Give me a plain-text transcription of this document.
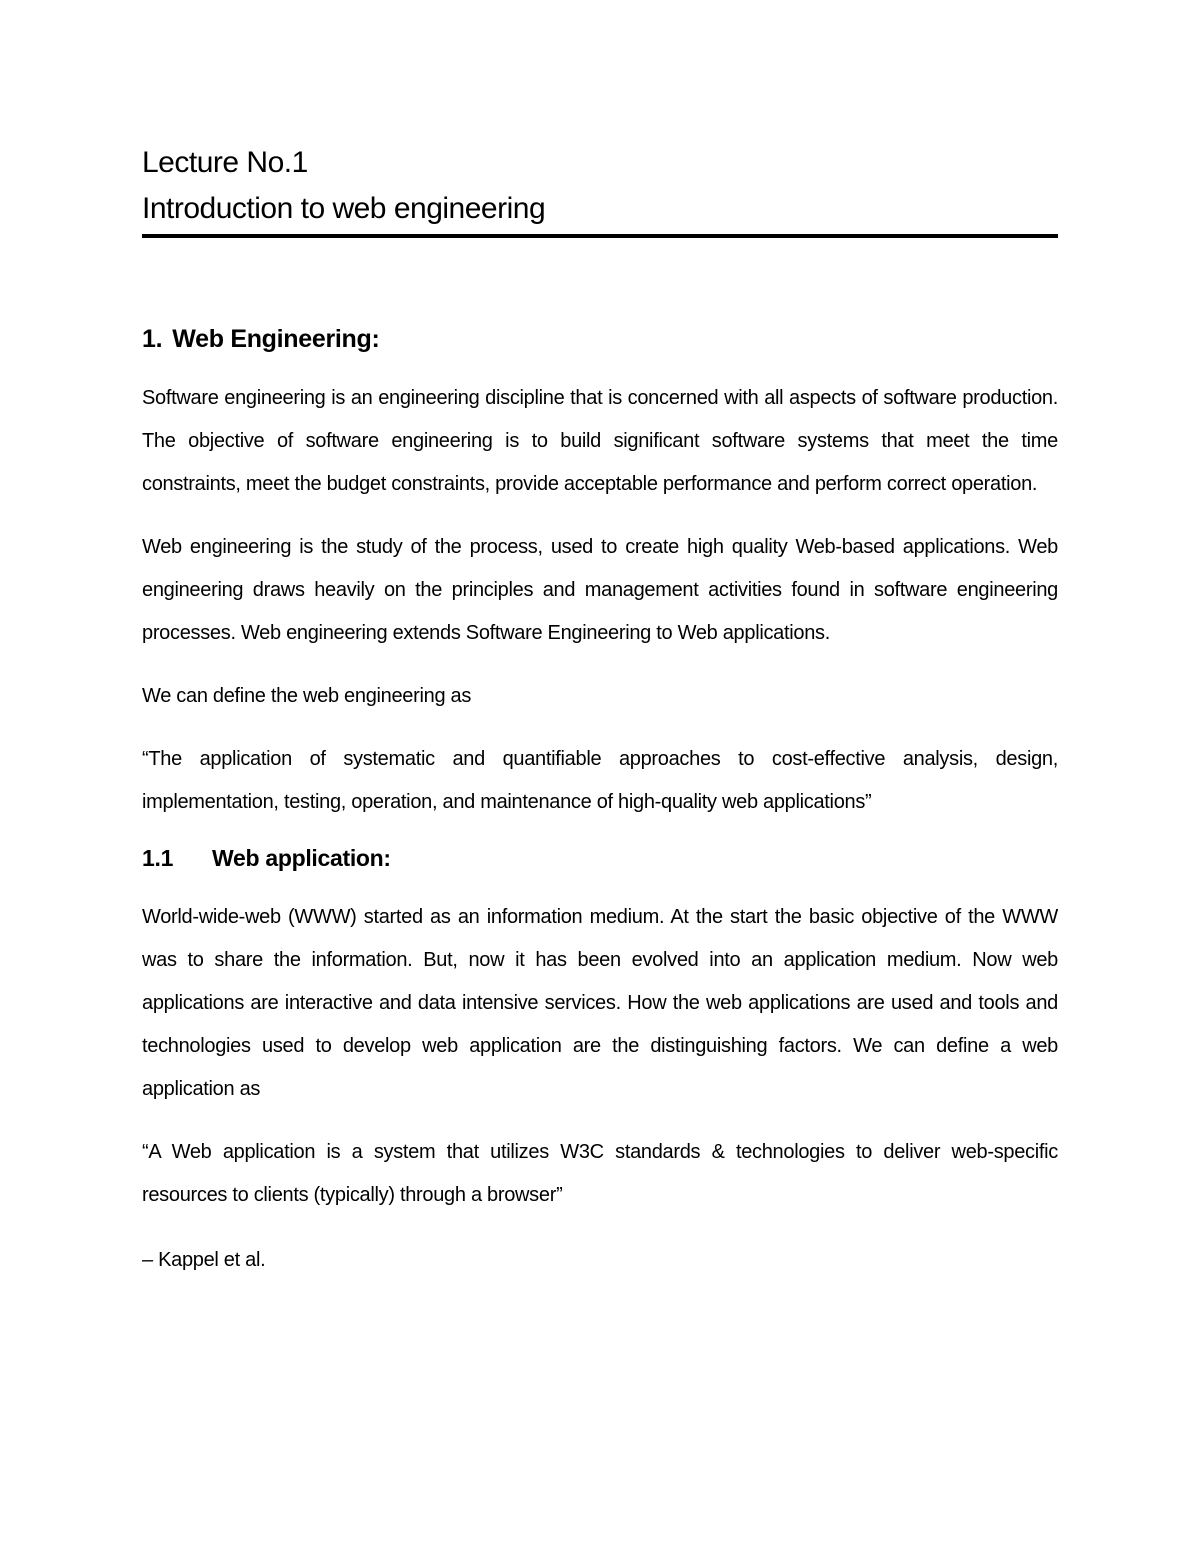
Lecture No.1
Introduction to web engineering
1. Web Engineering:

Software engineering is an engineering discipline that is concerned with all aspects of software production. The objective of software engineering is to build significant software systems that meet the time constraints, meet the budget constraints, provide acceptable performance and perform correct operation.

Web engineering is the study of the process, used to create high quality Web-based applications. Web engineering draws heavily on the principles and management activities found in software engineering processes. Web engineering extends Software Engineering to Web applications.

We can define the web engineering as

“The application of systematic and quantifiable approaches to cost-effective analysis, design, implementation, testing, operation, and maintenance of high-quality web applications”

1.1 Web application:

World-wide-web (WWW) started as an information medium. At the start the basic objective of the WWW was to share the information. But, now it has been evolved into an application medium. Now web applications are interactive and data intensive services. How the web applications are used and tools and technologies used to develop web application are the distinguishing factors. We can define a web application as

“A Web application is a system that utilizes W3C standards & technologies to deliver web-specific resources to clients (typically) through a browser”

– Kappel et al.
